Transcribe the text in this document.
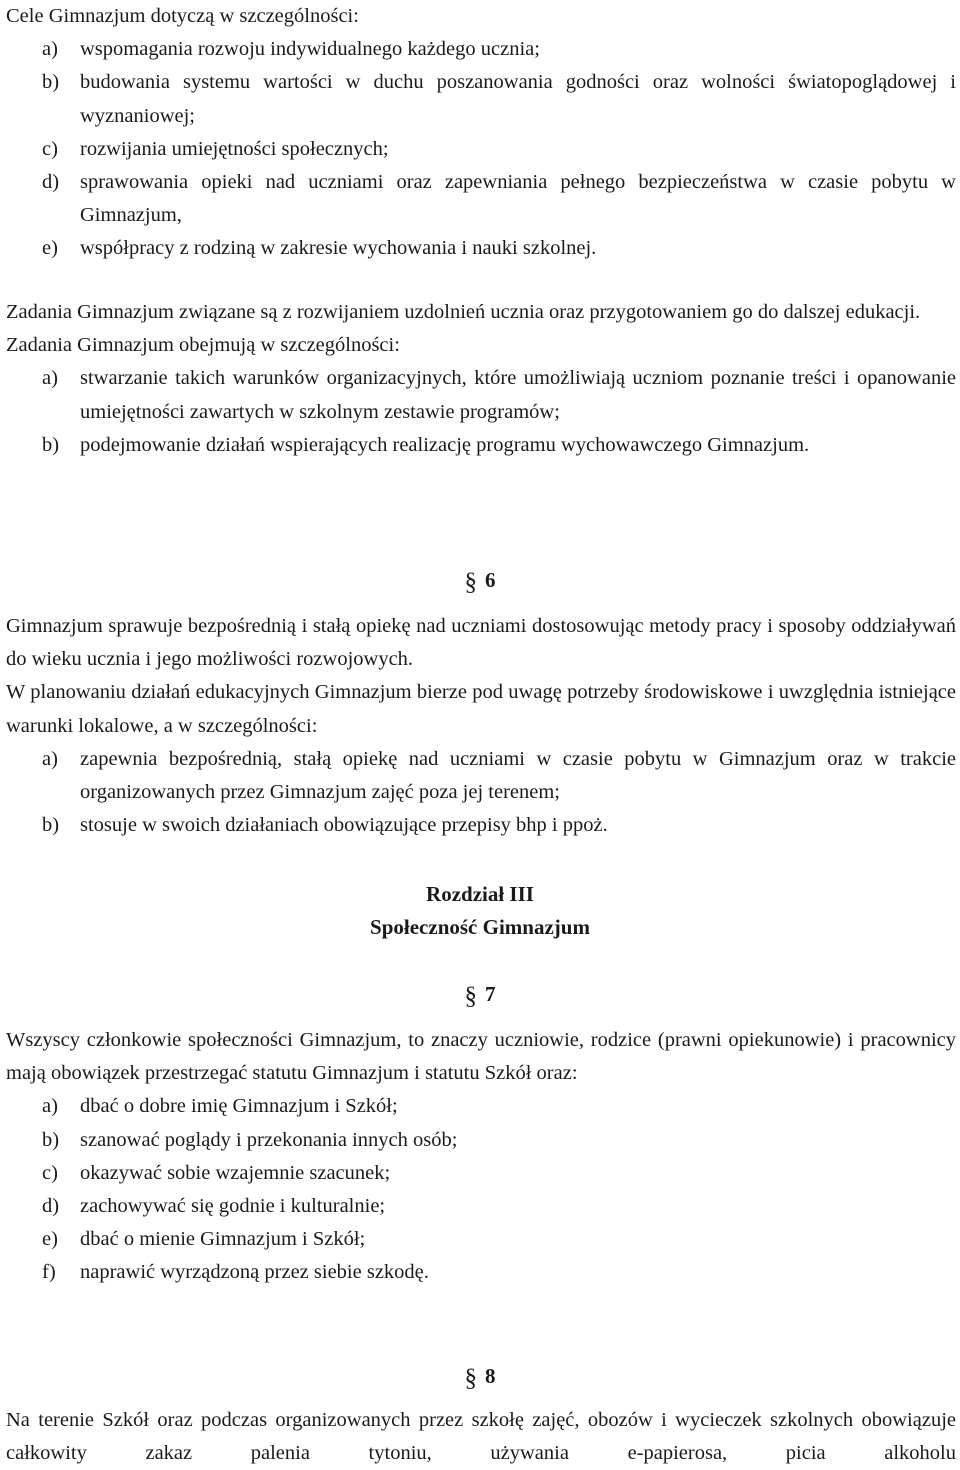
Cele Gimnazjum dotyczą w szczególności:

a)	wspomagania rozwoju indywidualnego każdego ucznia;
b)	budowania systemu wartości w duchu poszanowania godności oraz wolności światopoglądowej i wyznaniowej;
c)	rozwijania umiejętności społecznych;
d)	sprawowania opieki nad uczniami oraz zapewniania pełnego bezpieczeństwa w czasie pobytu w Gimnazjum,
e)	współpracy z rodziną w zakresie wychowania i nauki szkolnej.

Zadania Gimnazjum związane są z rozwijaniem uzdolnień ucznia oraz przygotowaniem go do dalszej edukacji.

Zadania Gimnazjum obejmują w szczególności:

a)	stwarzanie takich warunków organizacyjnych, które umożliwiają uczniom poznanie treści i opanowanie umiejętności zawartych w szkolnym zestawie programów;
b)	podejmowanie działań wspierających realizację programu wychowawczego Gimnazjum.
§ 6

Gimnazjum sprawuje bezpośrednią i stałą opiekę nad uczniami dostosowując metody pracy i sposoby oddziaływań do wieku ucznia i jego możliwości rozwojowych.

W planowaniu działań edukacyjnych Gimnazjum bierze pod uwagę potrzeby środowiskowe i uwzględnia istniejące warunki lokalowe, a w szczególności:

a)	zapewnia bezpośrednią, stałą opiekę nad uczniami w czasie pobytu w Gimnazjum oraz w trakcie organizowanych przez Gimnazjum zajęć poza jej terenem;
b)	stosuje w swoich działaniach obowiązujące przepisy bhp i ppoż.

Rozdział III

Społeczność Gimnazjum

§ 7

Wszyscy członkowie społeczności Gimnazjum, to znaczy uczniowie, rodzice (prawni opiekunowie) i pracownicy mają obowiązek przestrzegać statutu Gimnazjum i statutu Szkół oraz:

a)	dbać o dobre imię Gimnazjum i Szkół;
b)	szanować poglądy i przekonania innych osób;
c)	okazywać sobie wzajemnie szacunek;
d)	zachowywać się godnie i kulturalnie;
e)	dbać o mienie Gimnazjum i Szkół;
f)	naprawić wyrządzoną przez siebie szkodę.
§ 8

Na terenie Szkół oraz podczas organizowanych przez szkołę zajęć, obozów i wycieczek szkolnych obowiązuje całkowity zakaz palenia tytoniu, używania e-papierosa, picia alkoholu
